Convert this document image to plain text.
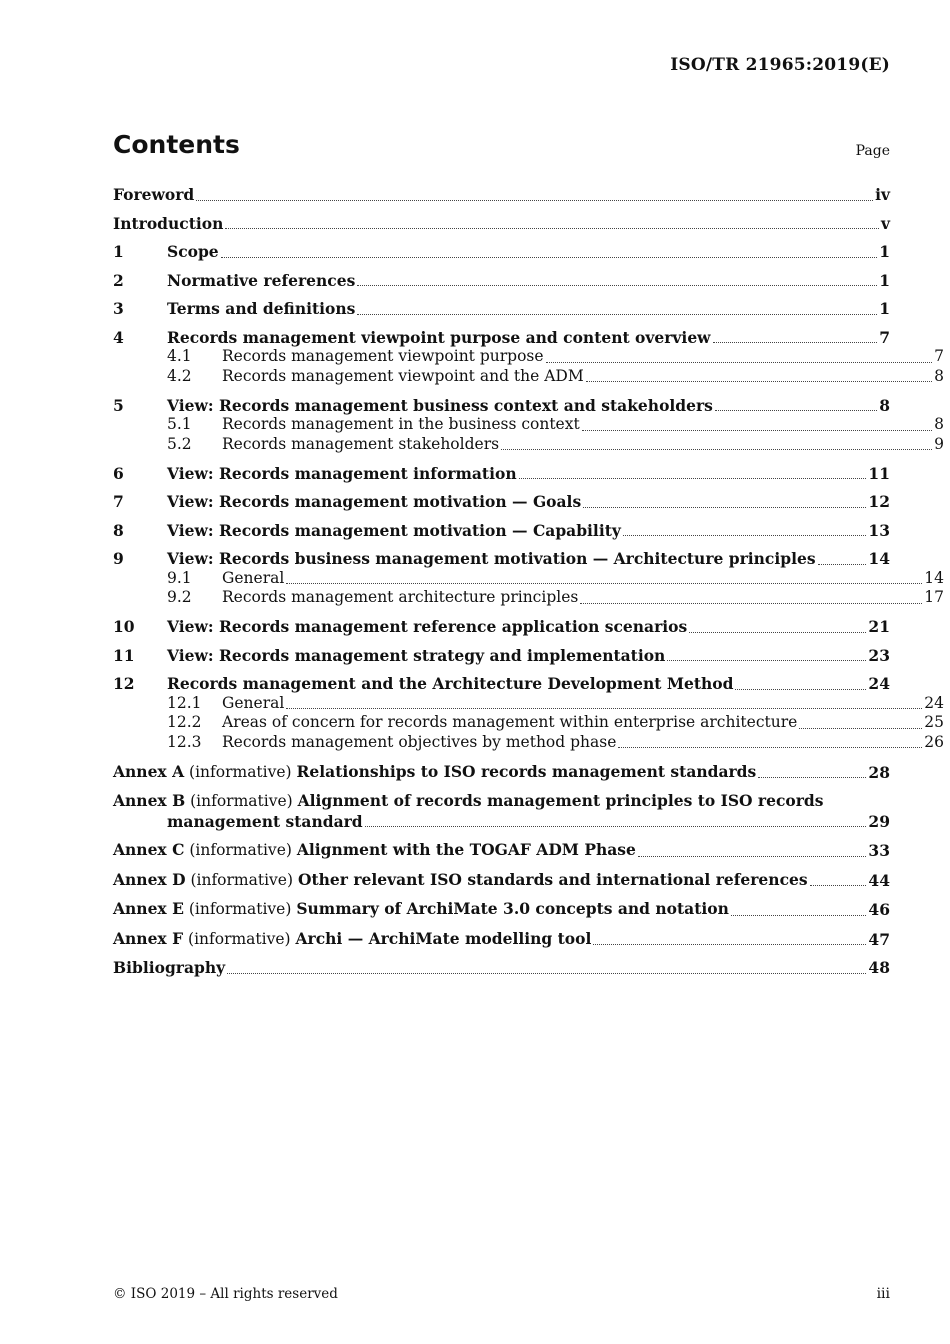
ISO/TR 21965:2019(E)
Contents	Page
Foreword	iv
Introduction	v
1	Scope	1
2	Normative references	1
3	Terms and definitions	1
4	Records management viewpoint purpose and content overview	7
4.1	Records management viewpoint purpose	7
4.2	Records management viewpoint and the ADM	8
5	View: Records management business context and stakeholders	8
5.1	Records management in the business context	8
5.2	Records management stakeholders	9
6	View: Records management information	11
7	View: Records management motivation — Goals	12
8	View: Records management motivation — Capability	13
9	View: Records business management motivation — Architecture principles	14
9.1	General	14
9.2	Records management architecture principles	17
10	View: Records management reference application scenarios	21
11	View: Records management strategy and implementation	23
12	Records management and the Architecture Development Method	24
12.1	General	24
12.2	Areas of concern for records management within enterprise architecture	25
12.3	Records management objectives by method phase	26
Annex A (informative) Relationships to ISO records management standards	28
Annex B (informative) Alignment of records management principles to ISO records
management standard	29
Annex C (informative) Alignment with the TOGAF ADM Phase	33
Annex D (informative) Other relevant ISO standards and international references	44
Annex E (informative) Summary of ArchiMate 3.0 concepts and notation	46
Annex F (informative) Archi — ArchiMate modelling tool	47
Bibliography	48
© ISO 2019 – All rights reserved	iii
